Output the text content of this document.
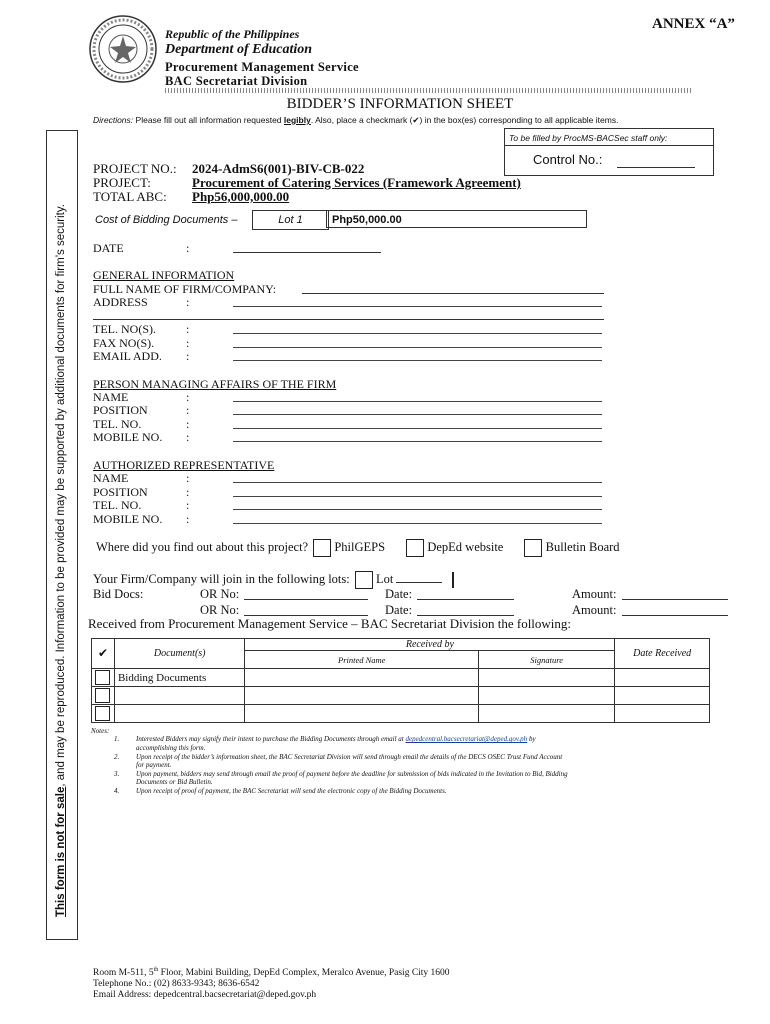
ANNEX “A”
Republic of the Philippines
Department of Education
Procurement Management Service
BAC Secretariat Division
BIDDER’S INFORMATION SHEET
Directions: Please fill out all information requested legibly. Also, place a checkmark (✔) in the box(es) corresponding to all applicable items.
To be filled by ProcMS-BACSec staff only:
Control No.:
PROJECT NO.: 2024-AdmS6(001)-BIV-CB-022
PROJECT:	Procurement of Catering Services (Framework Agreement)
TOTAL ABC: Php56,000,000.00
Cost of Bidding Documents –	Lot 1	Php50,000.00
DATE	:
GENERAL INFORMATION
FULL NAME OF FIRM/COMPANY:
ADDRESS	:
TEL. NO(S).	:
FAX NO(S).	:
EMAIL ADD. :
PERSON MANAGING AFFAIRS OF THE FIRM
NAME	:
POSITION	:
TEL. NO.	:
MOBILE NO. :
AUTHORIZED REPRESENTATIVE
NAME	:
POSITION	:
TEL. NO.	:
MOBILE NO. :
Where did you find out about this project? PhilGEPS	DepEd website	Bulletin Board
Your Firm/Company will join in the following lots: Lot
Bid Docs:	OR No:	Date:	Amount:
OR No:	Date:	Amount:
Received from Procurement Management Service – BAC Secretariat Division the following:
✔	Document(s)	Received by		Date Received
		Printed Name	Signature	
	Bidding Documents			

Notes:
1. Interested Bidders may signify their intent to purchase the Bidding Documents through email at depedcentral.bacsecretariat@deped.gov.ph by
accomplishing this form.
2. Upon receipt of the bidder’s information sheet, the BAC Secretariat Division will send through email the details of the DECS OSEC Trust Fund Account
for payment.
3. Upon payment, bidders may send through email the proof of payment before the deadline for submission of bids indicated in the Invitation to Bid, Bidding
Documents or Bid Bulletin.
4. Upon receipt of proof of payment, the BAC Secretariat will send the electronic copy of the Bidding Documents.
This form is not for sale, and may be reproduced. Information to be provided may be supported by additional documents for firm’s security.
Room M-511, 5th Floor, Mabini Building, DepEd Complex, Meralco Avenue, Pasig City 1600
Telephone No.: (02) 8633-9343; 8636-6542
Email Address: depedcentral.bacsecretariat@deped.gov.ph
